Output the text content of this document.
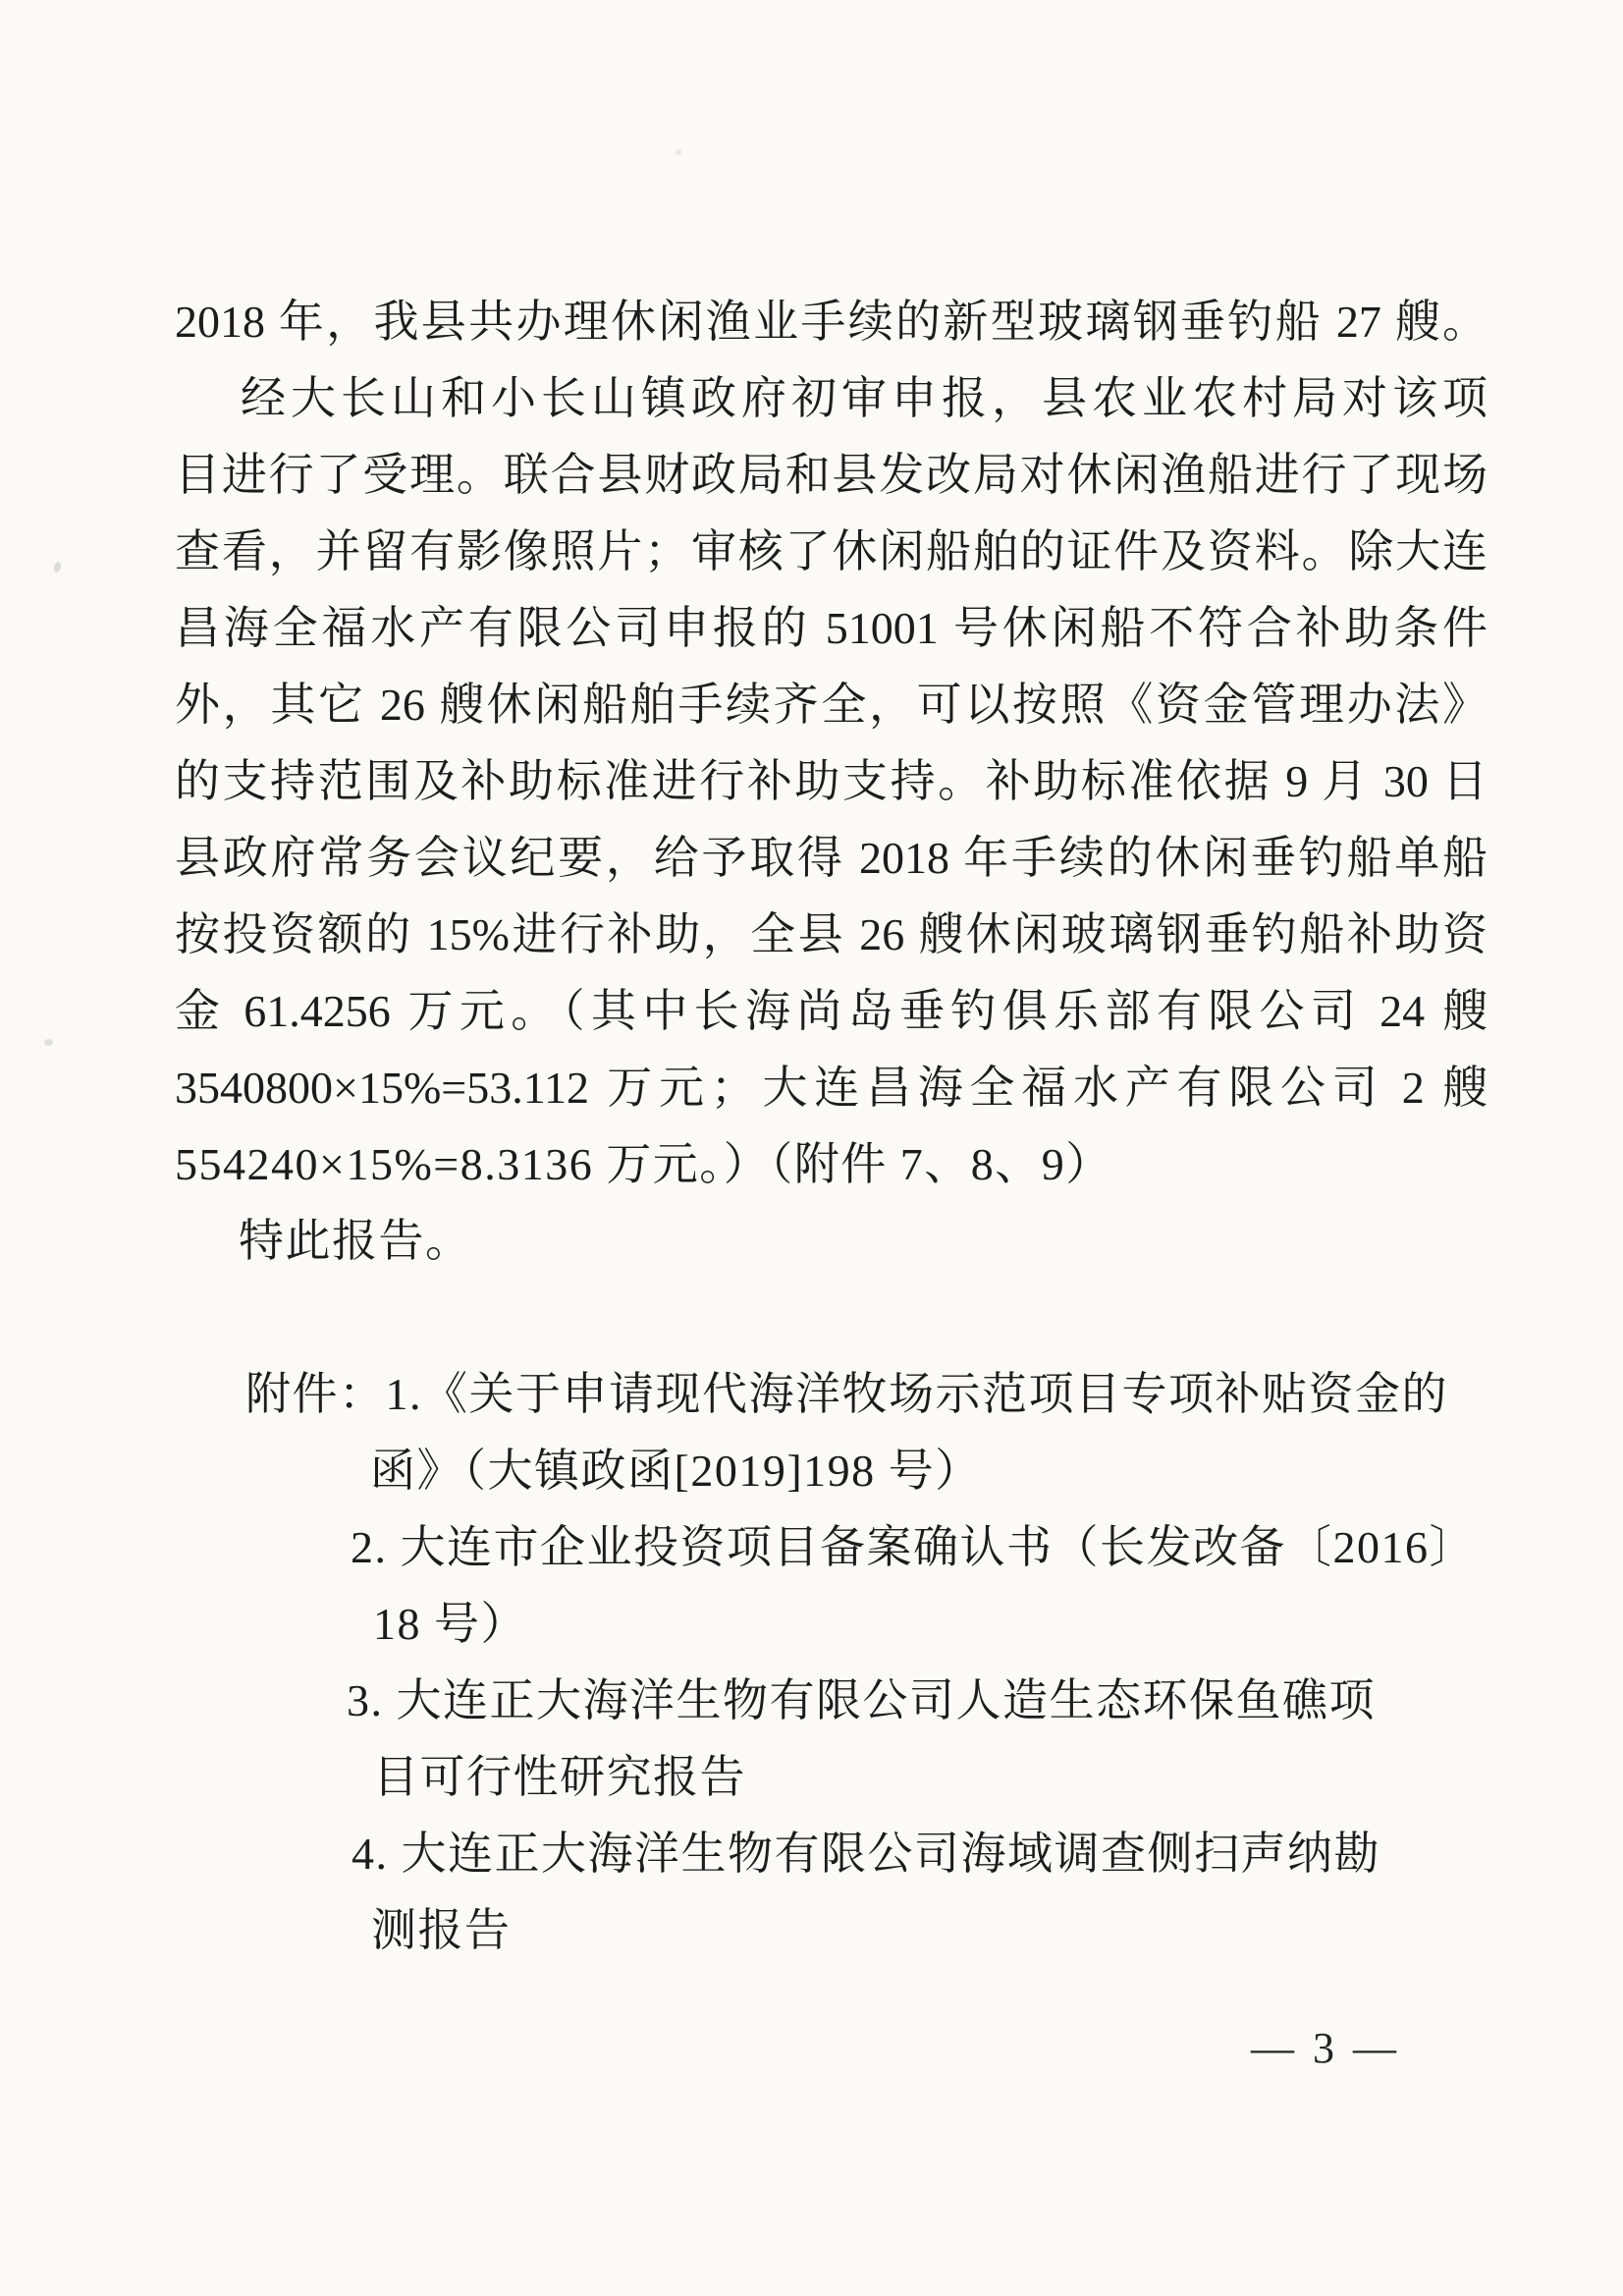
2018 年，我县共办理休闲渔业手续的新型玻璃钢垂钓船 27 艘。
经大长山和小长山镇政府初审申报，县农业农村局对该项
目进行了受理。联合县财政局和县发改局对休闲渔船进行了现场
查看，并留有影像照片；审核了休闲船舶的证件及资料。除大连
昌海全福水产有限公司申报的 51001 号休闲船不符合补助条件
外，其它 26 艘休闲船舶手续齐全，可以按照《资金管理办法》
的支持范围及补助标准进行补助支持。补助标准依据 9 月 30 日
县政府常务会议纪要，给予取得 2018 年手续的休闲垂钓船单船
按投资额的 15%进行补助，全县 26 艘休闲玻璃钢垂钓船补助资
金 61.4256 万元。（其中长海尚岛垂钓俱乐部有限公司 24 艘
3540800×15%=53.112 万元；大连昌海全福水产有限公司 2 艘
554240×15%=8.3136 万元。）（附件 7、8、9）
特此报告。
附件：1.《关于申请现代海洋牧场示范项目专项补贴资金的
函》（大镇政函[2019]198 号）
2. 大连市企业投资项目备案确认书（长发改备〔2016〕
18 号）
3. 大连正大海洋生物有限公司人造生态环保鱼礁项
目可行性研究报告
4. 大连正大海洋生物有限公司海域调查侧扫声纳勘
测报告
— 3 —
